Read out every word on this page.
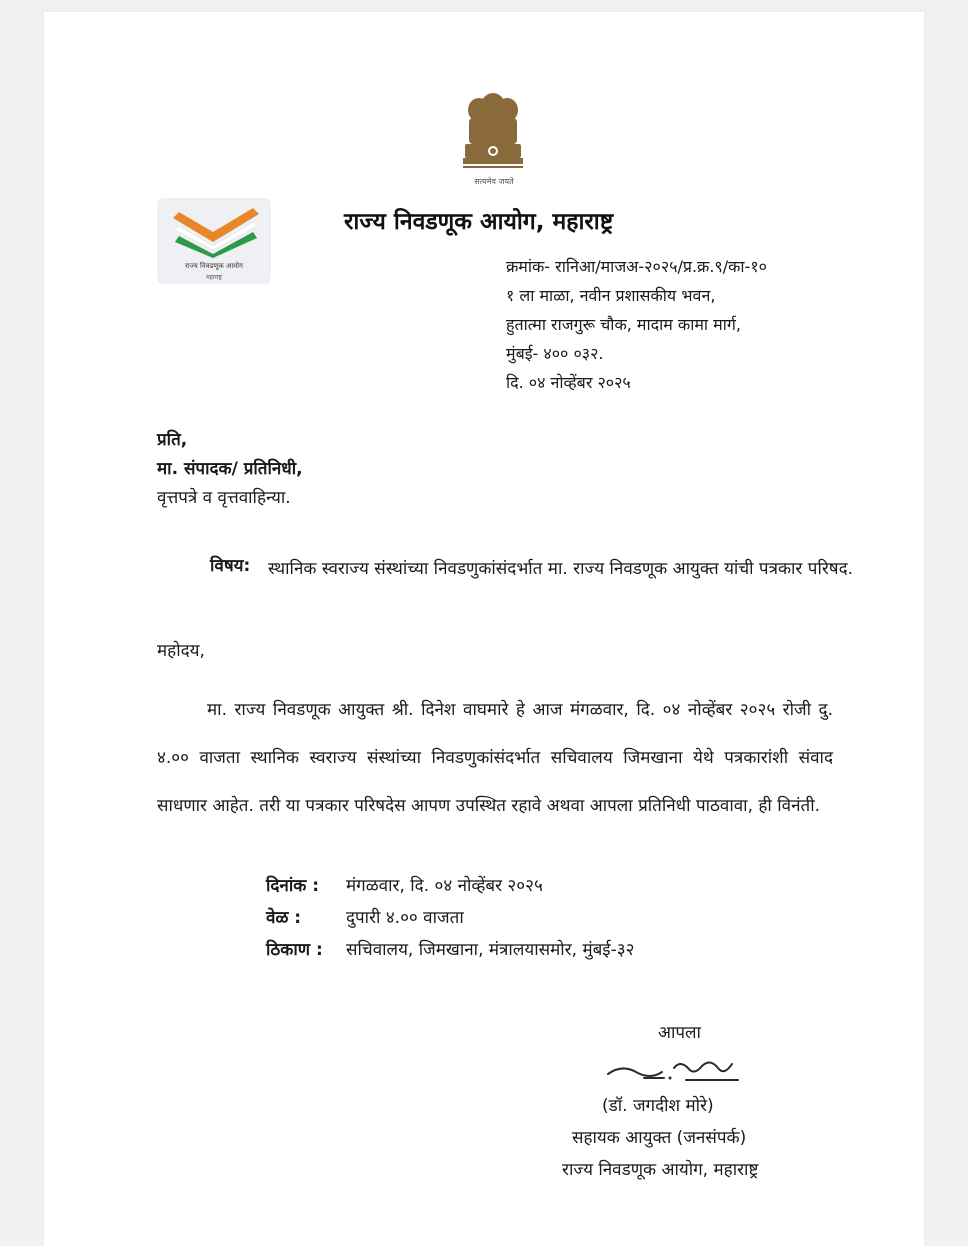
सत्यमेव जयते
राज्य निवडणूक आयोग
महाराष्ट्र
राज्य निवडणूक आयोग, महाराष्ट्र
क्रमांक- रानिआ/माजअ-२०२५/प्र.क्र.९/का-१०
१ ला माळा, नवीन प्रशासकीय भवन,
हुतात्मा राजगुरू चौक, मादाम कामा मार्ग,
मुंबई- ४०० ०३२.
दि. ०४ नोव्हेंबर २०२५
प्रति,
मा. संपादक/ प्रतिनिधी,
वृत्तपत्रे व वृत्तवाहिन्या.
विषय: स्थानिक स्वराज्य संस्थांच्या निवडणुकांसंदर्भात मा. राज्य निवडणूक आयुक्त यांची पत्रकार परिषद.
महोदय,
मा. राज्य निवडणूक आयुक्त श्री. दिनेश वाघमारे हे आज मंगळवार, दि. ०४ नोव्हेंबर २०२५ रोजी दु. ४.०० वाजता स्थानिक स्वराज्य संस्थांच्या निवडणुकांसंदर्भात सचिवालय जिमखाना येथे पत्रकारांशी संवाद साधणार आहेत. तरी या पत्रकार परिषदेस आपण उपस्थित रहावे अथवा आपला प्रतिनिधी पाठवावा, ही विनंती.
दिनांक :	मंगळवार, दि. ०४ नोव्हेंबर २०२५
वेळ :	दुपारी ४.०० वाजता
ठिकाण :	सचिवालय, जिमखाना, मंत्रालयासमोर, मुंबई-३२
आपला
(डॉ. जगदीश मोरे)
सहायक आयुक्त (जनसंपर्क)
राज्य निवडणूक आयोग, महाराष्ट्र
